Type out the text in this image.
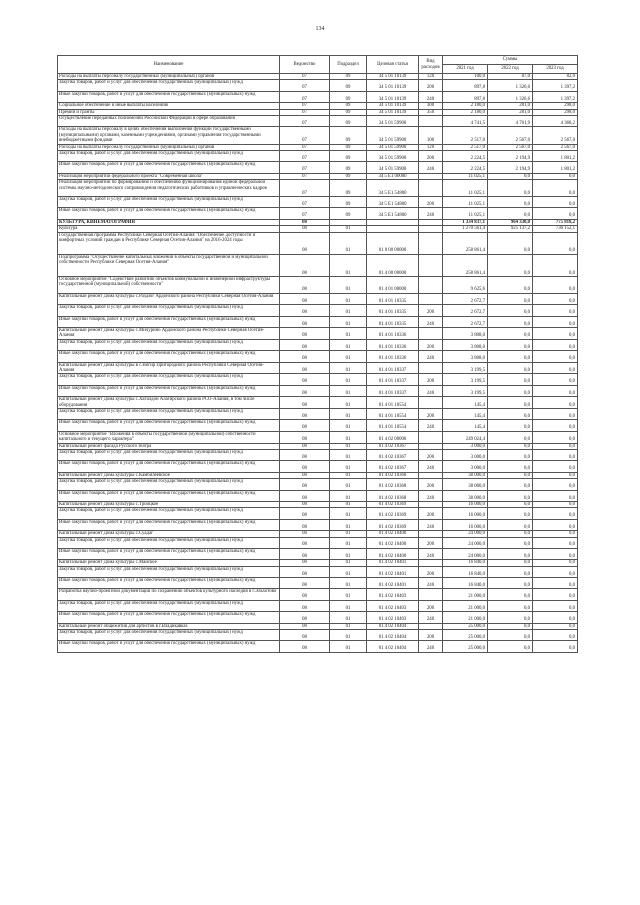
134
Наименование	Ведомство	Подраздел	Целевая статья	Вид расходов	Суммы		
					2021 год	2022 год	2023 год
Расходы на выплаты персоналу государственных (муниципальных) органов	07	09	34 5 01 10139	120	100,0	87,0	82,0
Закупка товаров, работ и услуг для обеспечения государственных (муниципальных) нужд	07	09	34 5 01 10139	200	897,8	1 326,6	1 397,2
Иные закупки товаров, работ и услуг для обеспечения государственных (муниципальных) нужд	07	09	34 5 01 10139	240	897,8	1 326,6	1 397,2
Социальное обеспечение и иные выплаты населению	07	09	34 5 01 10139	300	2 180,0	281,0	298,0
Премии и гранты	07	09	34 5 01 10139	350	2 180,0	281,0	298,0
Осуществление переданных полномочий Российской Федерации в сфере образования	07	09	34 5 01 59900		4 741,5	4 761,9	4 368,2
Расходы на выплаты персоналу в целях обеспечения выполнения функций государственными (муниципальными) органами, казенными учреждениями, органами управления государственными внебюджетными фондами	07	09	34 5 01 59900	100	2 517,0	2 567,0	2 567,0
Расходы на выплаты персоналу государственных (муниципальных) органов	07	09	34 5 01 59900	120	2 517,0	2 567,0	2 567,0
Закупка товаров, работ и услуг для обеспечения государственных (муниципальных) нужд	07	09	34 5 01 59900	200	2 224,5	2 194,9	1 801,2
Иные закупки товаров, работ и услуг для обеспечения государственных (муниципальных) нужд	07	09	34 5 01 59900	240	2 224,5	2 194,9	1 801,2
Реализация мероприятий федерального проекта "Современная школа"	07	09	34 5 E1 00000		11 025,1	0,0	0,0
Реализация мероприятий по формированию и обеспечению функционирования единой федеральной системы научно-методического сопровождения педагогических работников и управленческих кадров	07	09	34 5 E1 54800		11 025,1	0,0	0,0
Закупка товаров, работ и услуг для обеспечения государственных (муниципальных) нужд	07	09	34 5 E1 54800	200	11 025,1	0,0	0,0
Иные закупки товаров, работ и услуг для обеспечения государственных (муниципальных) нужд	07	09	34 5 E1 54800	240	11 025,1	0,0	0,0
КУЛЬТУРА, КИНЕМАТОГРАФИЯ	08				1 334 837,1	964 330,0	775 818,2
Культура	08	01			1 270 561,4	925 137,2	736 152,1
Государственная программа Республики Северная Осетия-Алания "Обеспечение доступности и комфортных условий граждан в Республике Северная Осетия-Алания" на 2016-2024 годы	08	01	01 0 00 00000		258 861,4	0,0	0,0
Подпрограмма "Осуществление капитальных вложений в объекты государственной и муниципальной собственности Республики Северная Осетия-Алания"	08	01	01 4 00 00000		258 861,4	0,0	0,0
Основное мероприятие "Содействие развитию объектов коммунальной и инженерной инфраструктуры государственной (муниципальной) собственности"	08	01	01 4 01 00000		9 625,6	0,0	0,0
Капитальный ремонт Дома культуры с.Раздзог Ардонского района Республики Северная Осетия-Алания	08	01	01 4 01 10335		2 672,7	0,0	0,0
Закупка товаров, работ и услуг для обеспечения государственных (муниципальных) нужд	08	01	01 4 01 10335	200	2 672,7	0,0	0,0
Иные закупки товаров, работ и услуг для обеспечения государственных (муниципальных) нужд	08	01	01 4 01 10335	240	2 672,7	0,0	0,0
Капитальный ремонт Дома культуры с.Мичурино Ардонского района Республики Северная Осетия-Алания	08	01	01 4 01 10336		3 808,0	0,0	0,0
Закупка товаров, работ и услуг для обеспечения государственных (муниципальных) нужд	08	01	01 4 01 10336	200	3 808,0	0,0	0,0
Иные закупки товаров, работ и услуг для обеспечения государственных (муниципальных) нужд	08	01	01 4 01 10336	240	3 808,0	0,0	0,0
Капитальный ремонт Дома культуры в с.Ногир Пригородного района Республики Северная Осетия-Алания	08	01	01 4 01 10337		3 199,5	0,0	0,0
Закупка товаров, работ и услуг для обеспечения государственных (муниципальных) нужд	08	01	01 4 01 10337	200	3 199,5	0,0	0,0
Иные закупки товаров, работ и услуг для обеспечения государственных (муниципальных) нужд	08	01	01 4 01 10337	240	3 199,5	0,0	0,0
Капитальный ремонт Дома культуры с.Хаталдон Алагирского района РСО-Алания, в том числе оборудования	08	01	01 4 01 10554		145,4	0,0	0,0
Закупка товаров, работ и услуг для обеспечения государственных (муниципальных) нужд	08	01	01 4 01 10554	200	145,4	0,0	0,0
Иные закупки товаров, работ и услуг для обеспечения государственных (муниципальных) нужд	08	01	01 4 01 10554	240	145,4	0,0	0,0
Основное мероприятие "Вложения в объекты государственной (муниципальной) собственности капитального и текущего характера"	08	01	01 4 02 00000		249 024,4	0,0	0,0
Капитальный ремонт фасада Русского театра	08	01	01 4 02 10367		3 000,0	0,0	0,0
Закупка товаров, работ и услуг для обеспечения государственных (муниципальных) нужд	08	01	01 4 02 10367	200	3 000,0	0,0	0,0
Иные закупки товаров, работ и услуг для обеспечения государственных (муниципальных) нужд	08	01	01 4 02 10367	240	3 000,0	0,0	0,0
Капитальный ремонт Дома культуры с.Камбилеевское	08	01	01 4 02 10368		38 000,0	0,0	0,0
Закупка товаров, работ и услуг для обеспечения государственных (муниципальных) нужд	08	01	01 4 02 10368	200	38 000,0	0,0	0,0
Иные закупки товаров, работ и услуг для обеспечения государственных (муниципальных) нужд	08	01	01 4 02 10368	240	38 000,0	0,0	0,0
Капитальный ремонт Дома культуры с.Троицкое	08	01	01 4 02 10369		16 000,0	0,0	0,0
Закупка товаров, работ и услуг для обеспечения государственных (муниципальных) нужд	08	01	01 4 02 10369	200	16 000,0	0,0	0,0
Иные закупки товаров, работ и услуг для обеспечения государственных (муниципальных) нужд	08	01	01 4 02 10369	240	16 000,0	0,0	0,0
Капитальный ремонт Дома культуры с.Суадаг	08	01	01 4 02 10400		24 000,0	0,0	0,0
Закупка товаров, работ и услуг для обеспечения государственных (муниципальных) нужд	08	01	01 4 02 10400	200	24 000,0	0,0	0,0
Иные закупки товаров, работ и услуг для обеспечения государственных (муниципальных) нужд	08	01	01 4 02 10400	240	24 000,0	0,0	0,0
Капитальный ремонт Дома культуры с.Майское	08	01	01 4 02 10401		16 840,0	0,0	0,0
Закупка товаров, работ и услуг для обеспечения государственных (муниципальных) нужд	08	01	01 4 02 10401	200	16 840,0	0,0	0,0
Иные закупки товаров, работ и услуг для обеспечения государственных (муниципальных) нужд	08	01	01 4 02 10401	240	16 840,0	0,0	0,0
Разработка научно-проектной документации по сохранению объектов культурного наследия в г.Эльхотово	08	01	01 4 02 10403		21 000,0	0,0	0,0
Закупка товаров, работ и услуг для обеспечения государственных (муниципальных) нужд	08	01	01 4 02 10403	200	21 000,0	0,0	0,0
Иные закупки товаров, работ и услуг для обеспечения государственных (муниципальных) нужд	08	01	01 4 02 10403	240	21 000,0	0,0	0,0
Капитальный ремонт общежития для артистов в г.Владикавказ	08	01	01 4 02 10404		25 000,0	0,0	0,0
Закупка товаров, работ и услуг для обеспечения государственных (муниципальных) нужд	08	01	01 4 02 10404	200	25 000,0	0,0	0,0
Иные закупки товаров, работ и услуг для обеспечения государственных (муниципальных) нужд	08	01	01 4 02 10404	240	25 000,0	0,0	0,0
